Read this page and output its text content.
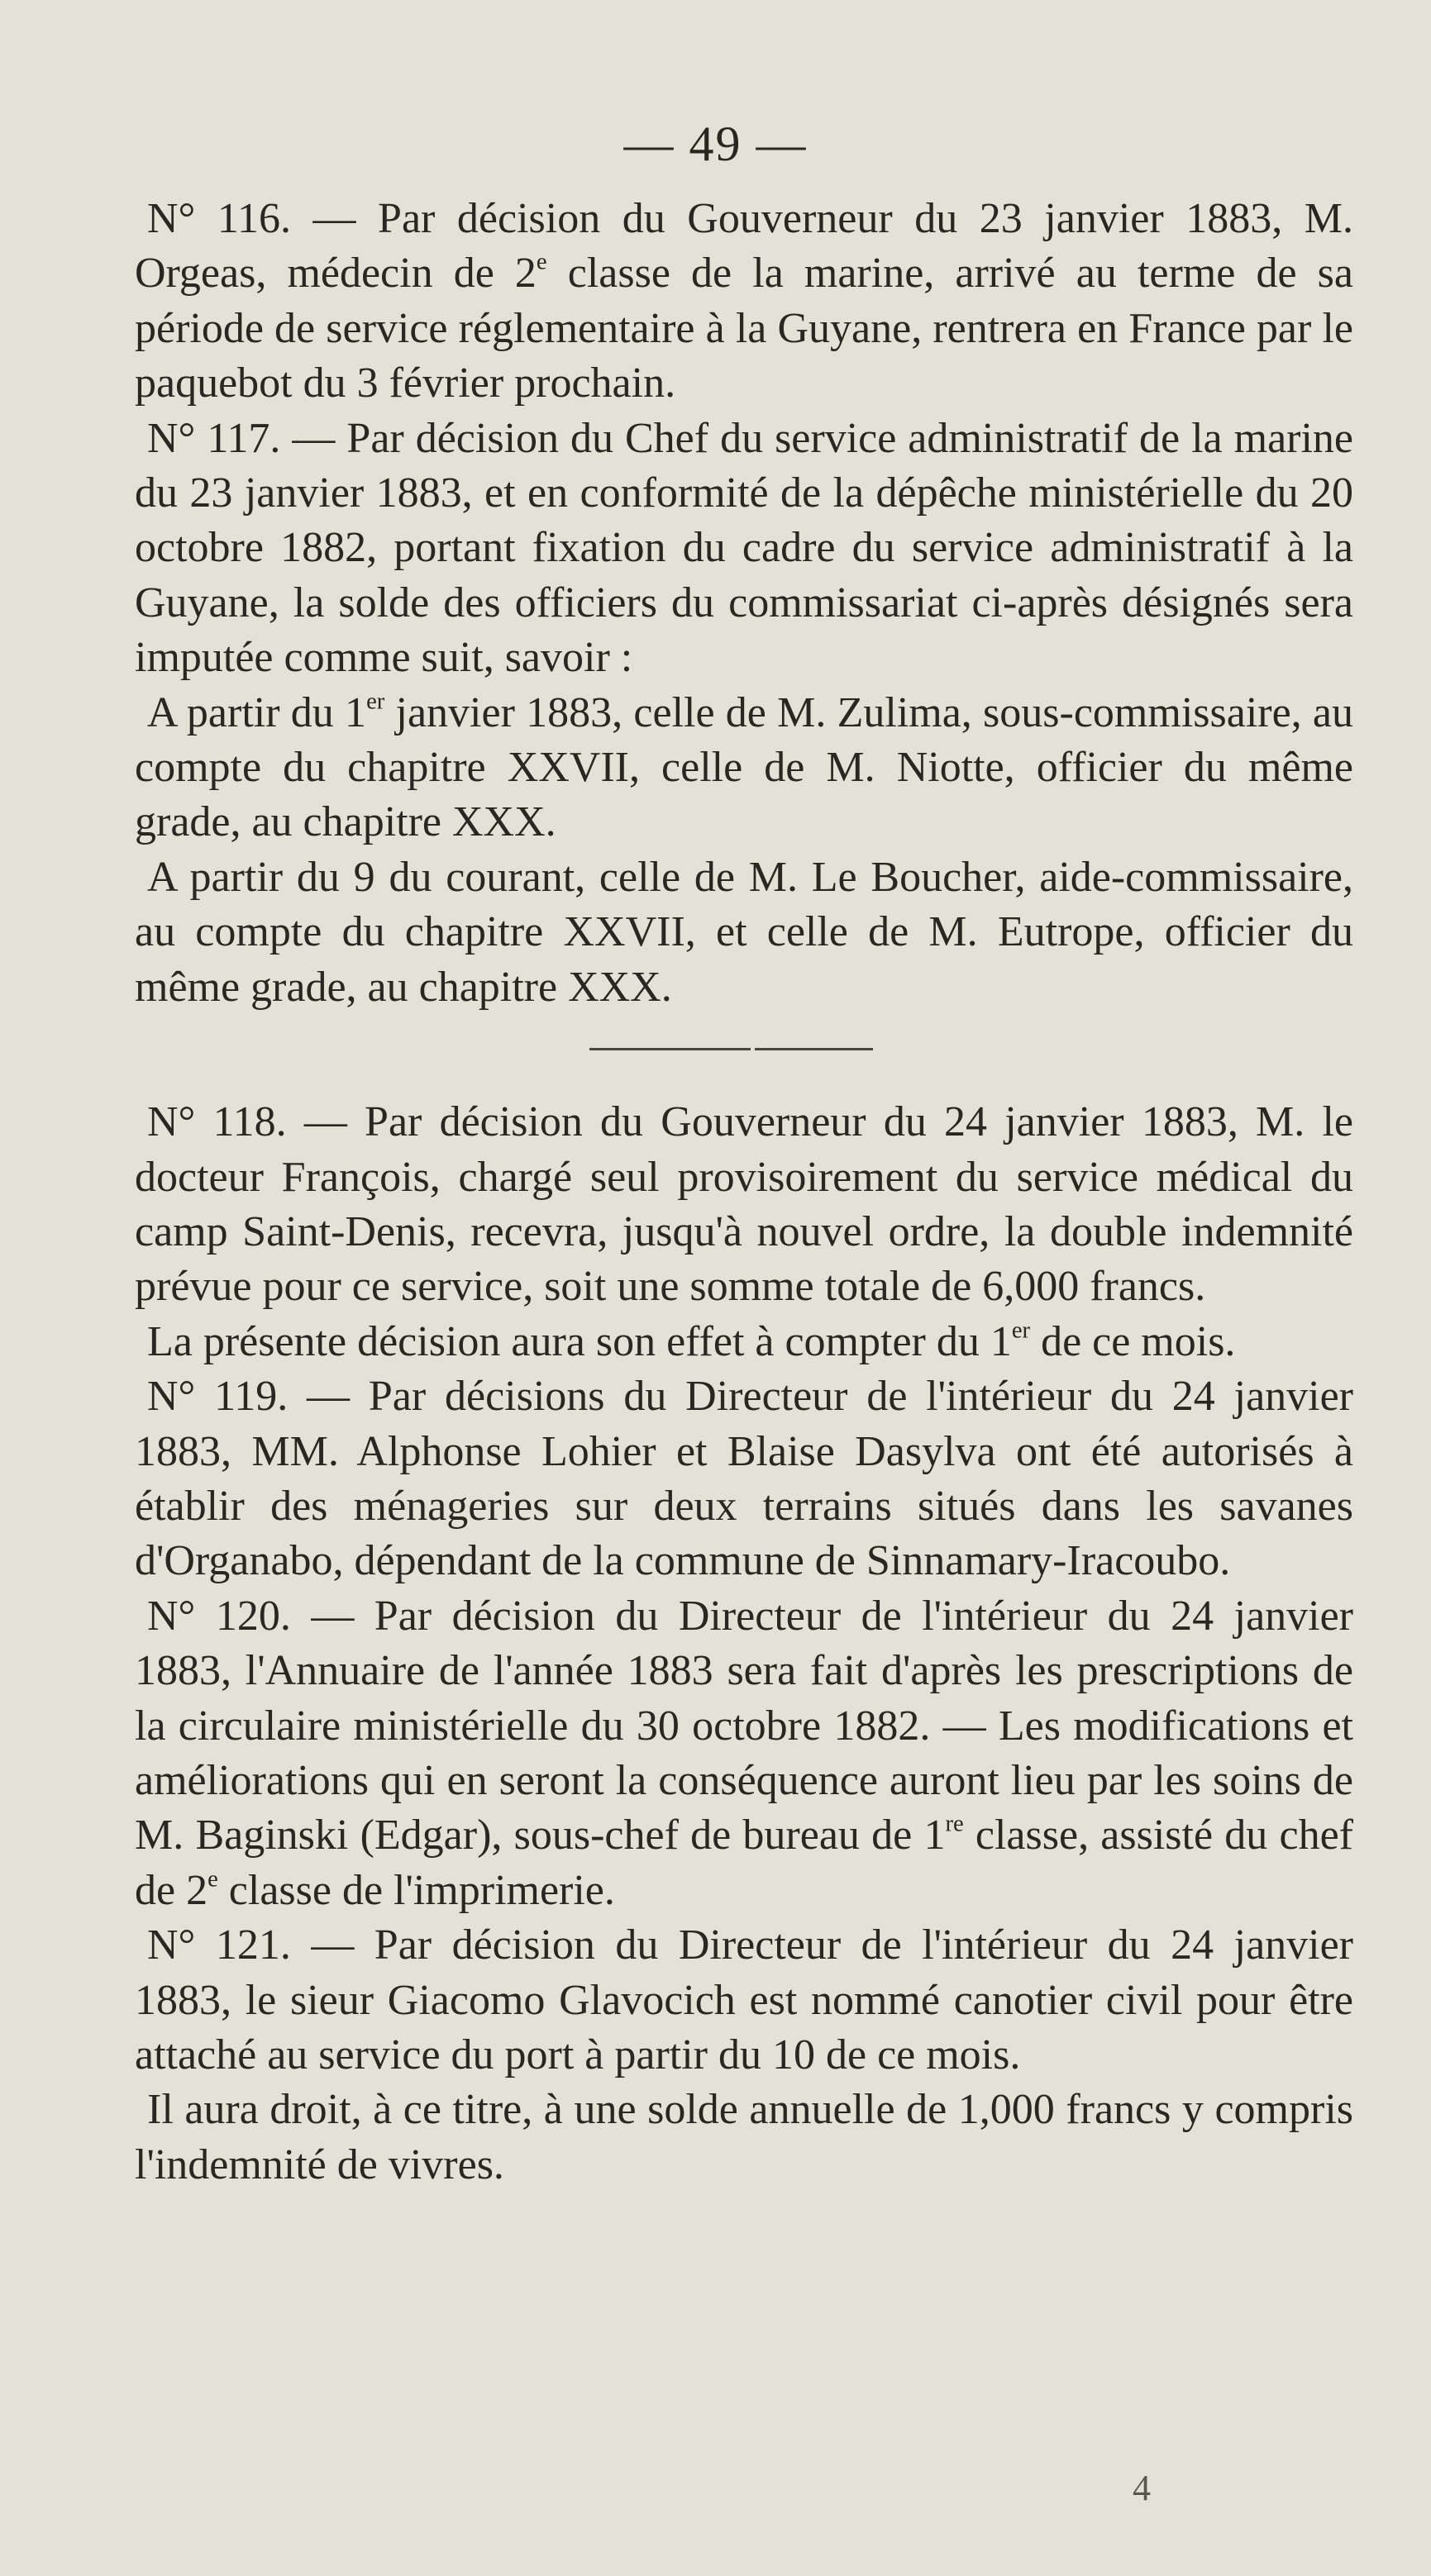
— 49 —

N° 116. — Par décision du Gouverneur du 23 janvier 1883, M. Orgeas, médecin de 2e classe de la marine, arrivé au terme de sa période de service réglementaire à la Guyane, rentrera en France par le paquebot du 3 février prochain.

N° 117. — Par décision du Chef du service administratif de la marine du 23 janvier 1883, et en conformité de la dépêche ministérielle du 20 octobre 1882, portant fixation du cadre du service administratif à la Guyane, la solde des officiers du commissariat ci-après désignés sera imputée comme suit, savoir :

A partir du 1er janvier 1883, celle de M. Zulima, sous-commissaire, au compte du chapitre XXVII, celle de M. Niotte, officier du même grade, au chapitre XXX.

A partir du 9 du courant, celle de M. Le Boucher, aide-commissaire, au compte du chapitre XXVII, et celle de M. Eutrope, officier du même grade, au chapitre XXX.

N° 118. — Par décision du Gouverneur du 24 janvier 1883, M. le docteur François, chargé seul provisoirement du service médical du camp Saint-Denis, recevra, jusqu'à nouvel ordre, la double indemnité prévue pour ce service, soit une somme totale de 6,000 francs.

La présente décision aura son effet à compter du 1er de ce mois.

N° 119. — Par décisions du Directeur de l'intérieur du 24 janvier 1883, MM. Alphonse Lohier et Blaise Dasylva ont été autorisés à établir des ménageries sur deux terrains situés dans les savanes d'Organabo, dépendant de la commune de Sinnamary-Iracoubo.

N° 120. — Par décision du Directeur de l'intérieur du 24 janvier 1883, l'Annuaire de l'année 1883 sera fait d'après les prescriptions de la circulaire ministérielle du 30 octobre 1882. — Les modifications et améliorations qui en seront la conséquence auront lieu par les soins de M. Baginski (Edgar), sous-chef de bureau de 1re classe, assisté du chef de 2e classe de l'imprimerie.

N° 121. — Par décision du Directeur de l'intérieur du 24 janvier 1883, le sieur Giacomo Glavocich est nommé canotier civil pour être attaché au service du port à partir du 10 de ce mois.

Il aura droit, à ce titre, à une solde annuelle de 1,000 francs y compris l'indemnité de vivres.

4
